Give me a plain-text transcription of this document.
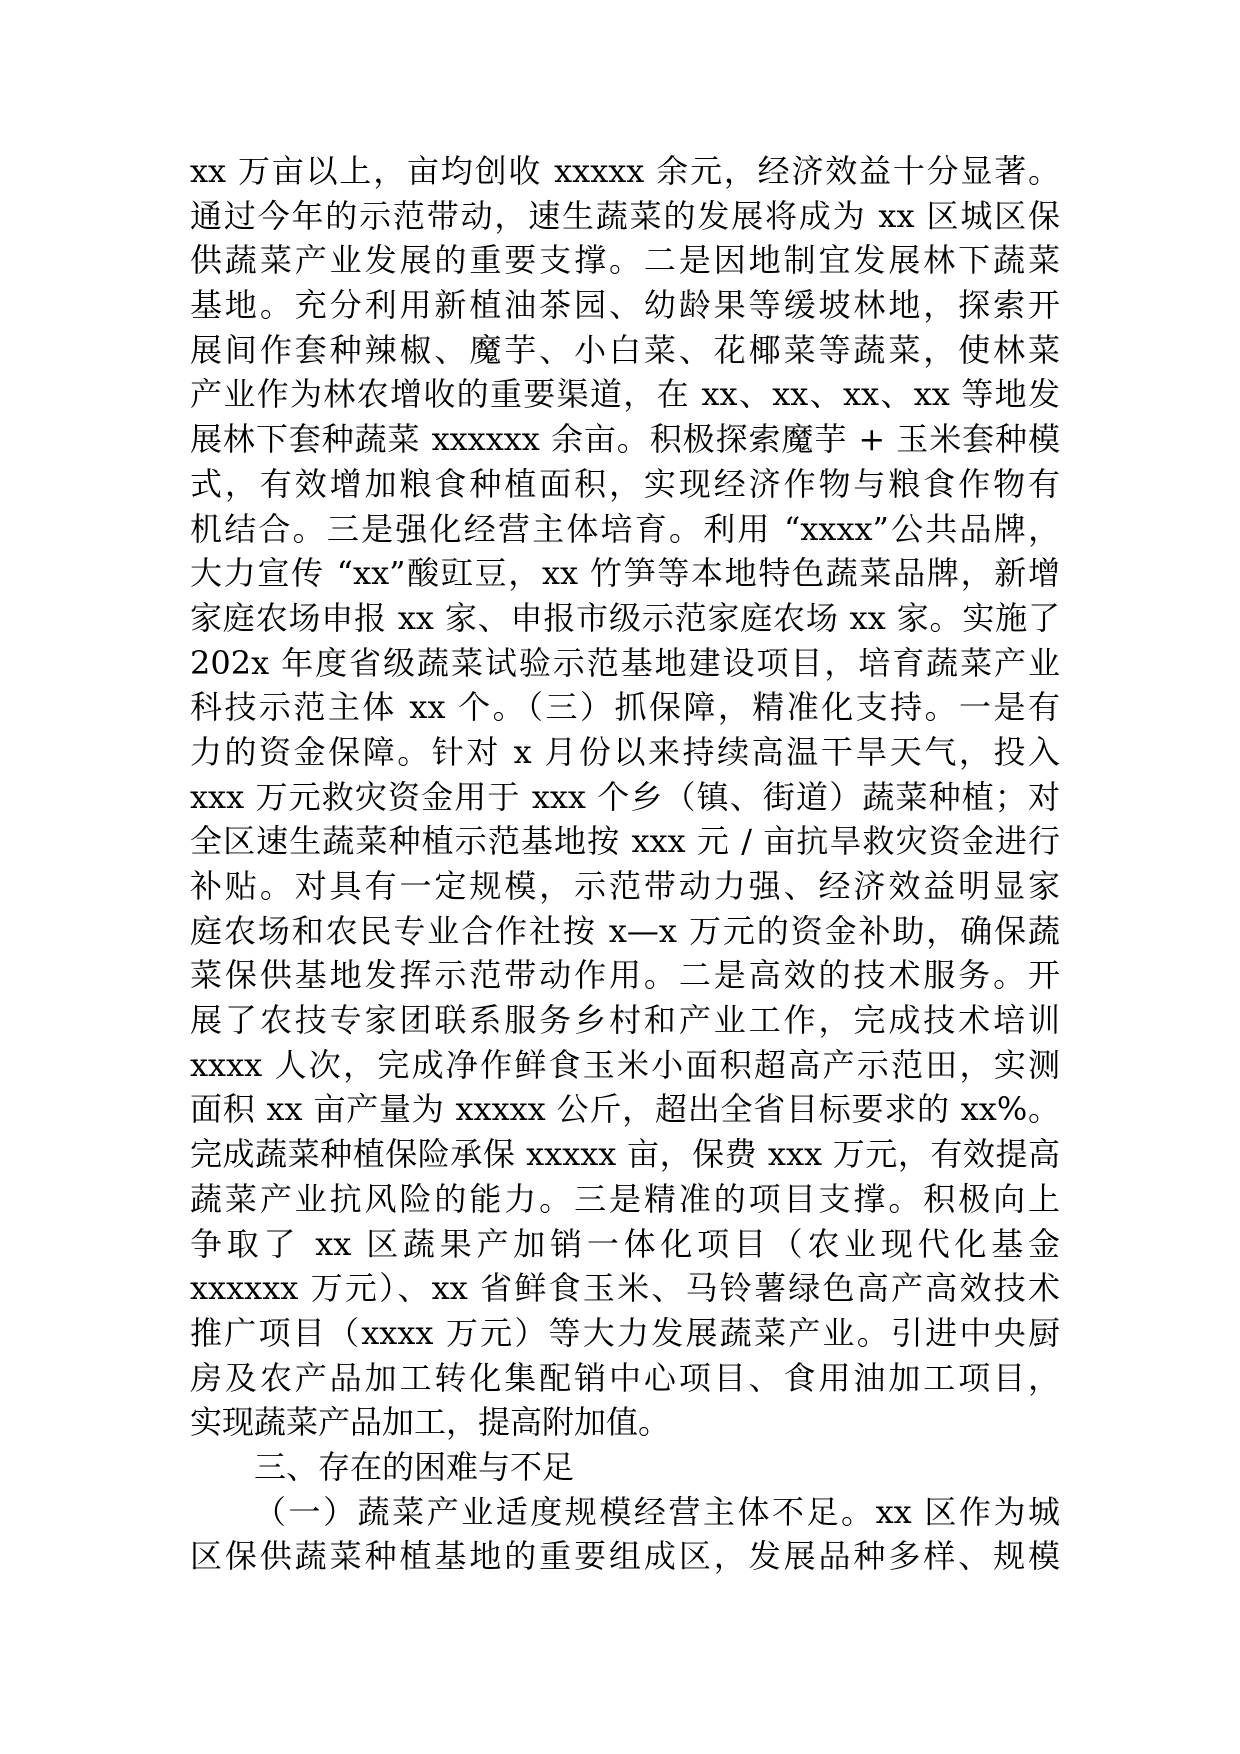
xx 万亩以上，亩均创收 xxxxx 余元，经济效益十分显著。
通过今年的示范带动，速生蔬菜的发展将成为 xx 区城区保
供蔬菜产业发展的重要支撑。二是因地制宜发展林下蔬菜
基地。充分利用新植油茶园、幼龄果等缓坡林地，探索开
展间作套种辣椒、魔芋、小白菜、花椰菜等蔬菜，使林菜
产业作为林农增收的重要渠道，在 xx、xx、xx、xx 等地发
展林下套种蔬菜 xxxxxx 余亩。积极探索魔芋 + 玉米套种模
式，有效增加粮食种植面积，实现经济作物与粮食作物有
机结合。三是强化经营主体培育。利用 “xxxx”公共品牌，
大力宣传 “xx”酸豇豆，xx 竹笋等本地特色蔬菜品牌，新增
家庭农场申报 xx 家、申报市级示范家庭农场 xx 家。实施了
202x 年度省级蔬菜试验示范基地建设项目，培育蔬菜产业
科技示范主体 xx 个。（三）抓保障，精准化支持。一是有
力的资金保障。针对 x 月份以来持续高温干旱天气，投入
xxx 万元救灾资金用于 xxx 个乡（镇、街道）蔬菜种植；对
全区速生蔬菜种植示范基地按 xxx 元 / 亩抗旱救灾资金进行
补贴。对具有一定规模，示范带动力强、经济效益明显家
庭农场和农民专业合作社按 x—x 万元的资金补助，确保蔬
菜保供基地发挥示范带动作用。二是高效的技术服务。开
展了农技专家团联系服务乡村和产业工作，完成技术培训
xxxx 人次，完成净作鲜食玉米小面积超高产示范田，实测
面积 xx 亩产量为 xxxxx 公斤，超出全省目标要求的 xx%。
完成蔬菜种植保险承保 xxxxx 亩，保费 xxx 万元，有效提高
蔬菜产业抗风险的能力。三是精准的项目支撑。积极向上
争取了 xx 区蔬果产加销一体化项目（农业现代化基金
xxxxxx 万元）、xx 省鲜食玉米、马铃薯绿色高产高效技术
推广项目（xxxx 万元）等大力发展蔬菜产业。引进中央厨
房及农产品加工转化集配销中心项目、食用油加工项目，
实现蔬菜产品加工，提高附加值。
三、存在的困难与不足
（一）蔬菜产业适度规模经营主体不足。xx 区作为城
区保供蔬菜种植基地的重要组成区，发展品种多样、规模
